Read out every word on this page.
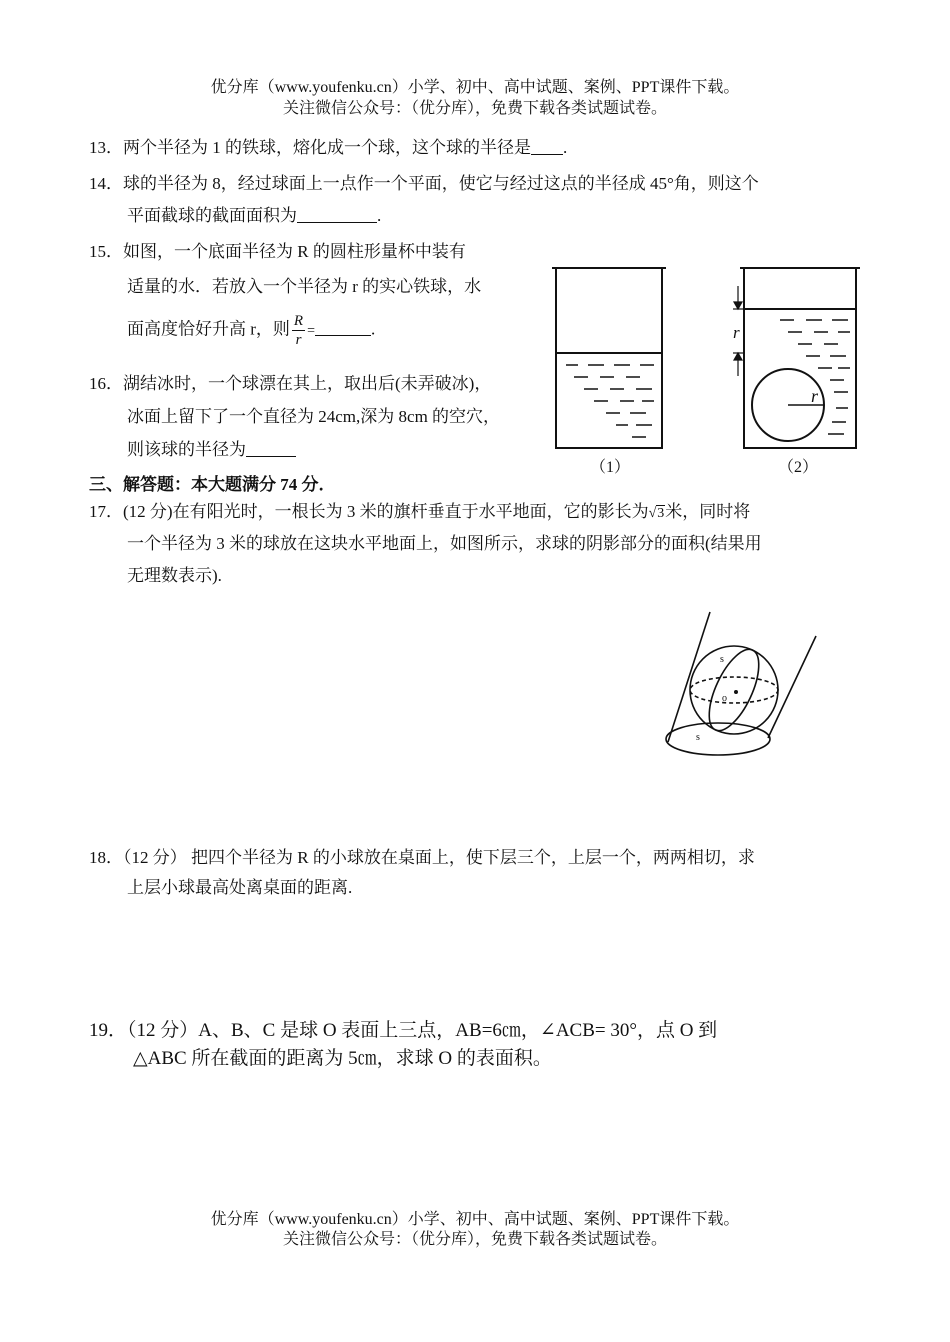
优分库（www.youfenku.cn）小学、初中、高中试题、案例、PPT课件下载。
关注微信公众号：（优分库），免费下载各类试题试卷。
13．两个半径为 1 的铁球，熔化成一个球，这个球的半径是 .
14．球的半径为 8，经过球面上一点作一个平面，使它与经过这点的半径成 45°角，则这个
平面截球的截面面积为	.
15．如图，一个底面半径为 R 的圆柱形量杯中装有
适量的水．若放入一个半径为 r 的实心铁球，水
面高度恰好升高 r，则 $\frac{R}{r}$ =	.
16．湖结冰时，一个球漂在其上，取出后(未弄破冰)，
冰面上留下了一个直径为 24cm,深为 8cm 的空穴，
则该球的半径为
r
r
（1）	（2）
三、解答题：本大题满分 74 分．
17．(12 分)在有阳光时，一根长为 3 米的旗杆垂直于水平地面，它的影长为√3米，同时将
一个半径为 3 米的球放在这块水平地面上，如图所示，求球的阴影部分的面积(结果用
无理数表示).
o
s
s
18．（12 分） 把四个半径为 R 的小球放在桌面上，使下层三个，上层一个，两两相切，求
上层小球最高处离桌面的距离.
19．（12 分）A、B、C 是球 O 表面上三点，AB=6㎝，∠ACB= 30°，点 O 到
△ABC 所在截面的距离为 5㎝，求球 O 的表面积。
优分库（www.youfenku.cn）小学、初中、高中试题、案例、PPT课件下载。
关注微信公众号：（优分库），免费下载各类试题试卷。
